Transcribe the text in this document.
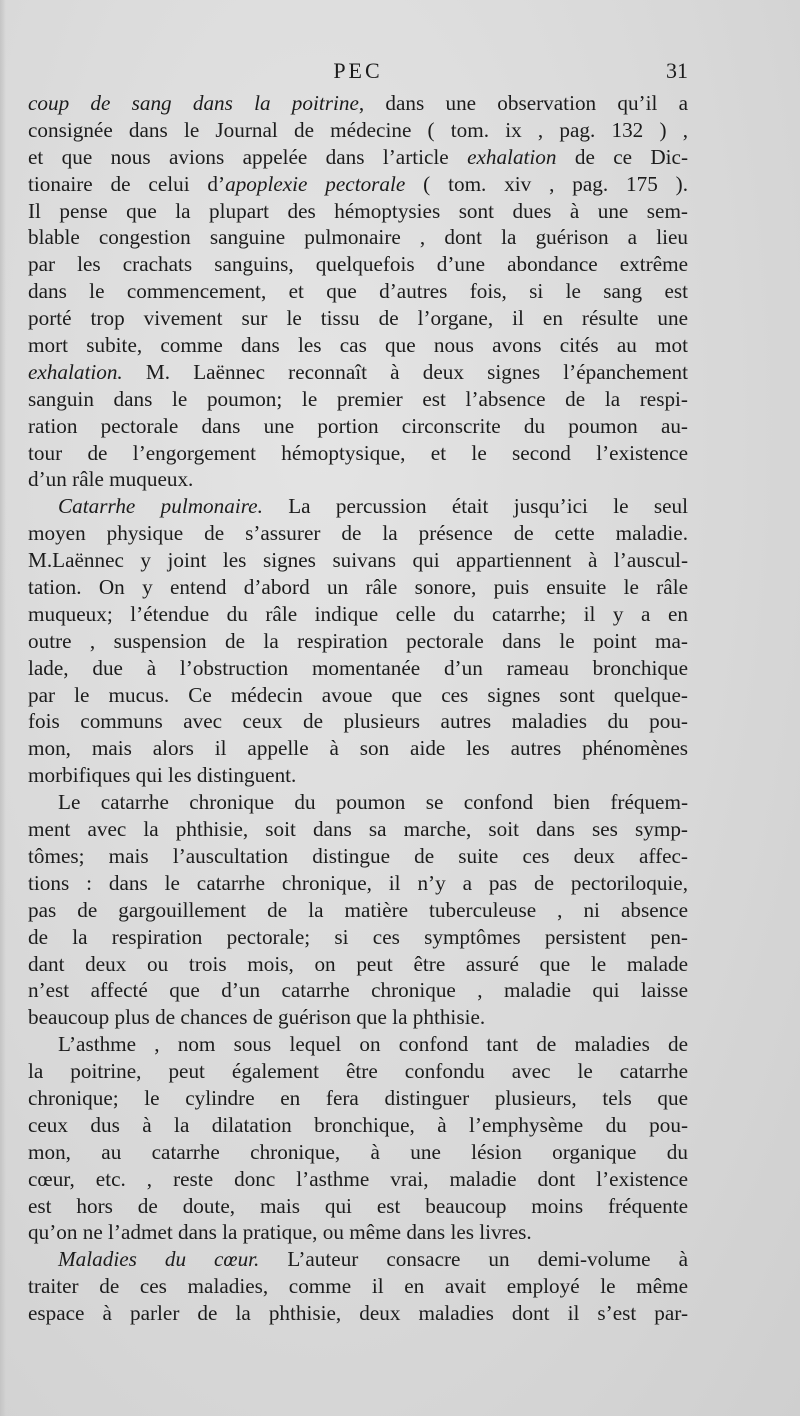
PEC	31
coup de sang dans la poitrine, dans une observation qu’il a
consignée dans le Journal de médecine ( tom. ix , pag. 132 ) ,
et que nous avions appelée dans l’article exhalation de ce Dic-
tionaire de celui d’apoplexie pectorale ( tom. xiv , pag. 175 ).
Il pense que la plupart des hémoptysies sont dues à une sem-
blable congestion sanguine pulmonaire , dont la guérison a lieu
par les crachats sanguins, quelquefois d’une abondance extrême
dans le commencement, et que d’autres fois, si le sang est
porté trop vivement sur le tissu de l’organe, il en résulte une
mort subite, comme dans les cas que nous avons cités au mot
exhalation. M. Laënnec reconnaît à deux signes l’épanchement
sanguin dans le poumon; le premier est l’absence de la respi-
ration pectorale dans une portion circonscrite du poumon au-
tour de l’engorgement hémoptysique, et le second l’existence
d’un râle muqueux.
Catarrhe pulmonaire. La percussion était jusqu’ici le seul
moyen physique de s’assurer de la présence de cette maladie.
M.Laënnec y joint les signes suivans qui appartiennent à l’auscul-
tation. On y entend d’abord un râle sonore, puis ensuite le râle
muqueux; l’étendue du râle indique celle du catarrhe; il y a en
outre , suspension de la respiration pectorale dans le point ma-
lade, due à l’obstruction momentanée d’un rameau bronchique
par le mucus. Ce médecin avoue que ces signes sont quelque-
fois communs avec ceux de plusieurs autres maladies du pou-
mon, mais alors il appelle à son aide les autres phénomènes
morbifiques qui les distinguent.
Le catarrhe chronique du poumon se confond bien fréquem-
ment avec la phthisie, soit dans sa marche, soit dans ses symp-
tômes; mais l’auscultation distingue de suite ces deux affec-
tions : dans le catarrhe chronique, il n’y a pas de pectoriloquie,
pas de gargouillement de la matière tuberculeuse , ni absence
de la respiration pectorale; si ces symptômes persistent pen-
dant deux ou trois mois, on peut être assuré que le malade
n’est affecté que d’un catarrhe chronique , maladie qui laisse
beaucoup plus de chances de guérison que la phthisie.
L’asthme , nom sous lequel on confond tant de maladies de
la poitrine, peut également être confondu avec le catarrhe
chronique; le cylindre en fera distinguer plusieurs, tels que
ceux dus à la dilatation bronchique, à l’emphysème du pou-
mon, au catarrhe chronique, à une lésion organique du
cœur, etc. , reste donc l’asthme vrai, maladie dont l’existence
est hors de doute, mais qui est beaucoup moins fréquente
qu’on ne l’admet dans la pratique, ou même dans les livres.
Maladies du cœur. L’auteur consacre un demi-volume à
traiter de ces maladies, comme il en avait employé le même
espace à parler de la phthisie, deux maladies dont il s’est par-
